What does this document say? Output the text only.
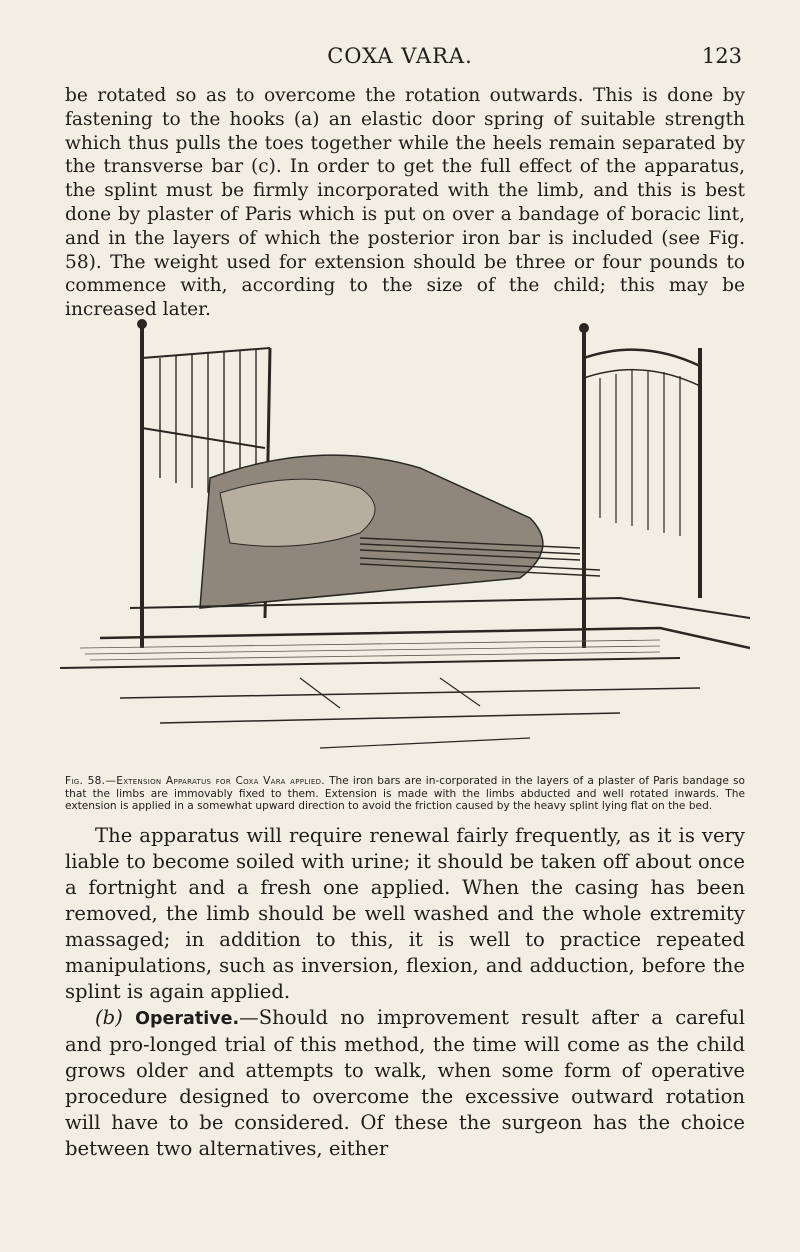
COXA VARA.	123

be rotated so as to overcome the rotation outwards. This is done by fastening to the hooks (a) an elastic door spring of suitable strength which thus pulls the toes together while the heels remain separated by the transverse bar (c). In order to get the full effect of the apparatus, the splint must be firmly incorporated with the limb, and this is best done by plaster of Paris which is put on over a bandage of boracic lint, and in the layers of which the posterior iron bar is included (see Fig. 58). The weight used for extension should be three or four pounds to commence with, according to the size of the child; this may be increased later.

Fig. 58.—Extension Apparatus for Coxa Vara applied. The iron bars are in-corporated in the layers of a plaster of Paris bandage so that the limbs are immovably fixed to them. Extension is made with the limbs abducted and well rotated inwards. The extension is applied in a somewhat upward direction to avoid the friction caused by the heavy splint lying flat on the bed.

The apparatus will require renewal fairly frequently, as it is very liable to become soiled with urine; it should be taken off about once a fortnight and a fresh one applied. When the casing has been removed, the limb should be well washed and the whole extremity massaged; in addition to this, it is well to practice repeated manipulations, such as inversion, flexion, and adduction, before the splint is again applied.

(b) Operative.—Should no improvement result after a careful and pro-longed trial of this method, the time will come as the child grows older and attempts to walk, when some form of operative procedure designed to overcome the excessive outward rotation will have to be considered. Of these the surgeon has the choice between two alternatives, either
